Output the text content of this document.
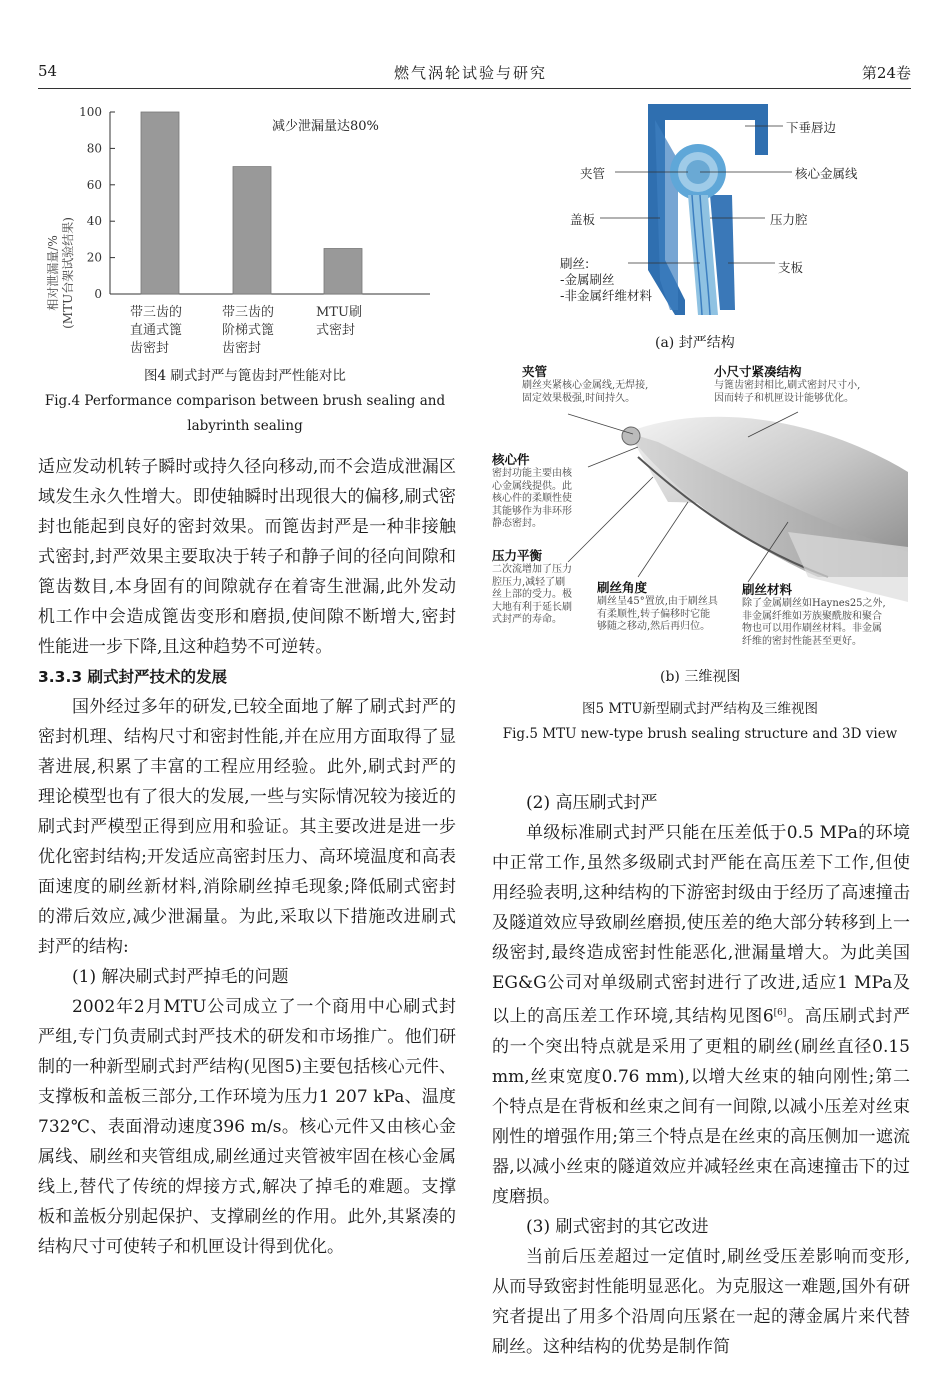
54	燃气涡轮试验与研究	第24卷
0
20
40
60
80
100
减少泄漏量达80%
相对泄漏量/% (MTU台架试验结果)	带三齿的
直通式篦
齿密封
带三齿的
阶梯式篦
齿密封
MTU刷
式密封
图4 刷式封严与篦齿封严性能对比
Fig.4 Performance comparison between brush sealing and
labyrinth sealing

适应发动机转子瞬时或持久径向移动,而不会造成泄漏区域发生永久性增大。即使轴瞬时出现很大的偏移,刷式密封也能起到良好的密封效果。而篦齿封严是一种非接触式密封,封严效果主要取决于转子和静子间的径向间隙和篦齿数目,本身固有的间隙就存在着寄生泄漏,此外发动机工作中会造成篦齿变形和磨损,使间隙不断增大,密封性能进一步下降,且这种趋势不可逆转。

3.3.3 刷式封严技术的发展

国外经过多年的研发,已较全面地了解了刷式封严的密封机理、结构尺寸和密封性能,并在应用方面取得了显著进展,积累了丰富的工程应用经验。此外,刷式封严的理论模型也有了很大的发展,一些与实际情况较为接近的刷式封严模型正得到应用和验证。其主要改进是进一步优化密封结构;开发适应高密封压力、高环境温度和高表面速度的刷丝新材料,消除刷丝掉毛现象;降低刷式密封的滞后效应,减少泄漏量。为此,采取以下措施改进刷式封严的结构:

(1) 解决刷式封严掉毛的问题

2002年2月MTU公司成立了一个商用中心刷式封严组,专门负责刷式封严技术的研发和市场推广。他们研制的一种新型刷式封严结构(见图5)主要包括核心元件、支撑板和盖板三部分,工作环境为压力1 207 kPa、温度732℃、表面滑动速度396 m/s。核心元件又由核心金属线、刷丝和夹管组成,刷丝通过夹管被牢固在核心金属线上,替代了传统的焊接方式,解决了掉毛的难题。支撑板和盖板分别起保护、支撑刷丝的作用。此外,其紧凑的结构尺寸可使转子和机匣设计得到优化。

下垂唇边
夹管	核心金属线
盖板	压力腔
刷丝:
-金属刷丝
-非金属纤维材料
支板
(a) 封严结构
夹管
刷丝夹紧核心金属线,无焊接,
固定效果极强,时间持久。
小尺寸紧凑结构
与篦齿密封相比,刷式密封尺寸小,
因而转子和机匣设计能够优化。
核心件
密封功能主要由核
心金属线提供。此
核心件的柔顺性使
其能够作为非环形
静态密封。
压力平衡
二次流增加了压力
腔压力,减轻了刷
丝上部的受力。极
大地有利于延长刷
式封严的寿命。
刷丝角度
刷丝呈45°置放,由于刷丝具
有柔顺性,转子偏移时它能
够随之移动,然后再归位。
刷丝材料
除了金属刷丝如Haynes25之外,
非金属纤维如芳族聚酰胺和聚合
物也可以用作刷丝材料。非金属
纤维的密封性能甚至更好。
(b) 三维视图
图5 MTU新型刷式封严结构及三维视图
Fig.5 MTU new-type brush sealing structure and 3D view

(2) 高压刷式封严

单级标准刷式封严只能在压差低于0.5 MPa的环境中正常工作,虽然多级刷式封严能在高压差下工作,但使用经验表明,这种结构的下游密封级由于经历了高速撞击及隧道效应导致刷丝磨损,使压差的绝大部分转移到上一级密封,最终造成密封性能恶化,泄漏量增大。为此美国EG&G公司对单级刷式密封进行了改进,适应1 MPa及以上的高压差工作环境,其结构见图6[6]。高压刷式封严的一个突出特点就是采用了更粗的刷丝(刷丝直径0.15 mm,丝束宽度0.76 mm),以增大丝束的轴向刚性;第二个特点是在背板和丝束之间有一间隙,以减小压差对丝束刚性的增强作用;第三个特点是在丝束的高压侧加一遮流器,以减小丝束的隧道效应并减轻丝束在高速撞击下的过度磨损。

(3) 刷式密封的其它改进

当前后压差超过一定值时,刷丝受压差影响而变形,从而导致密封性能明显恶化。为克服这一难题,国外有研究者提出了用多个沿周向压紧在一起的薄金属片来代替刷丝。这种结构的优势是制作简
